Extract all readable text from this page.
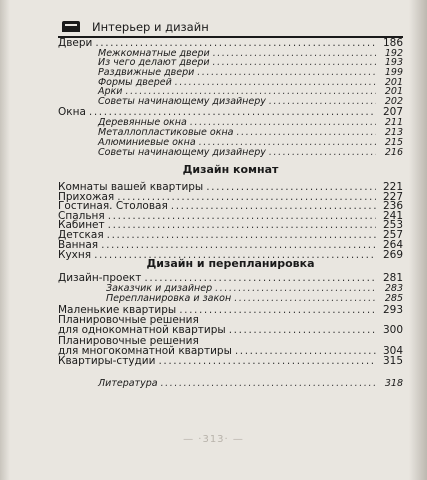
Интерьер и дизайн
Двери .....	186
Межкомнатные двери .....	192
Из чего делают двери .....	193
Раздвижные двери .....	199
Формы дверей .....	201
Арки .....	201
Советы начинающему дизайнеру .....	202
Окна .....	207
Деревянные окна .....	211
Металлопластиковые окна .....	213
Алюминиевые окна .....	215
Советы начинающему дизайнеру .....	216
Комнаты вашей квартиры .....	221
Прихожая .....	227
Гостиная. Столовая .....	236
Спальня .....	241
Кабинет .....	253
Детская .....	257
Ванная .....	264
Кухня .....	269
Дизайн-проект .....	281
Заказчик и дизайнер .....	283
Перепланировка и закон .....	285
Маленькие квартиры .....	293
Планировочные решения
для однокомнатной квартиры .....	300
Планировочные решения
для многокомнатной квартиры .....	304
Квартиры-студии .....	315
Литература .....	318
— ·313· —
Дизайн комнат
Дизайн и перепланировка
